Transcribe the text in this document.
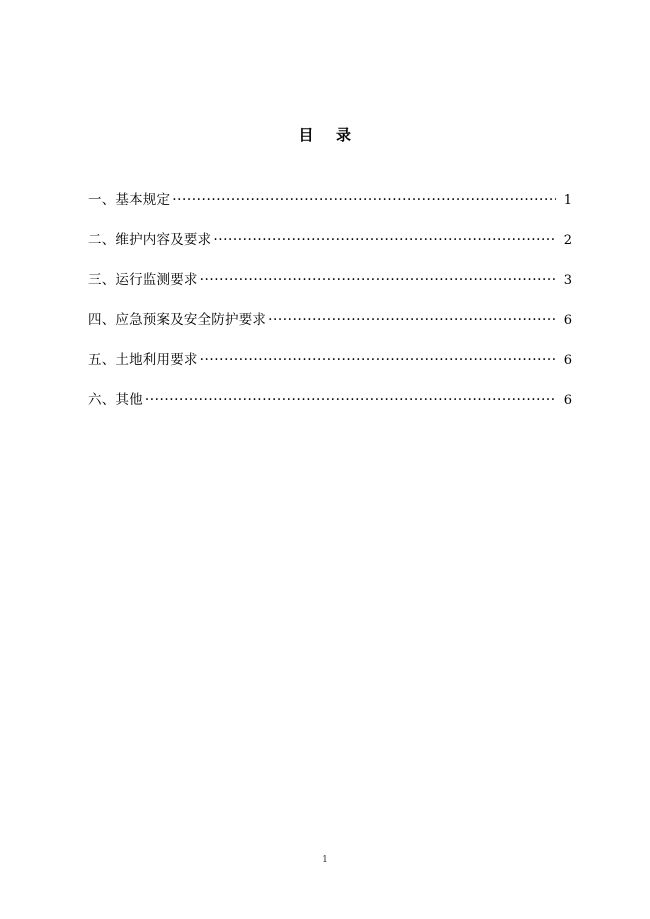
目 录
一、基本规定 .....	1
二、维护内容及要求 .....	2
三、运行监测要求 .....	3
四、应急预案及安全防护要求 .....	6
五、土地利用要求 .....	6
六、其他 .....	6
1
